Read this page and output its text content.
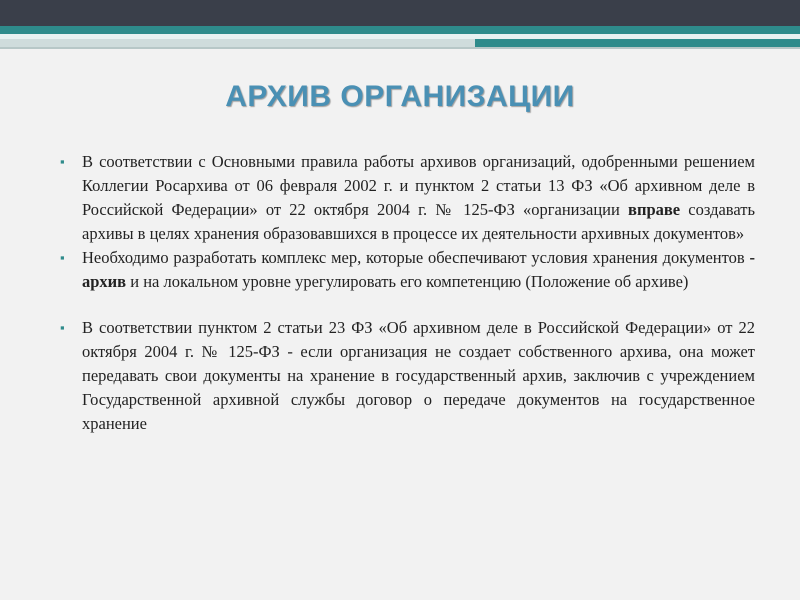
АРХИВ ОРГАНИЗАЦИИ
▪ В соответствии с Основными правила работы архивов организаций, одобренными решением Коллегии Росархива от 06 февраля 2002 г. и пунктом 2 статьи 13 ФЗ «Об архивном деле в Российской Федерации» от 22 октября 2004 г. № 125-ФЗ «организации вправе создавать архивы в целях хранения образовавшихся в процессе их деятельности архивных документов»
▪ Необходимо разработать комплекс мер, которые обеспечивают условия хранения документов - архив и на локальном уровне урегулировать его компетенцию (Положение об архиве)
▪ В соответствии пунктом 2 статьи 23 ФЗ «Об архивном деле в Российской Федерации» от 22 октября 2004 г. № 125-ФЗ - если организация не создает собственного архива, она может передавать свои документы на хранение в государственный архив, заключив с учреждением Государственной архивной службы договор о передаче документов на государственное хранение
